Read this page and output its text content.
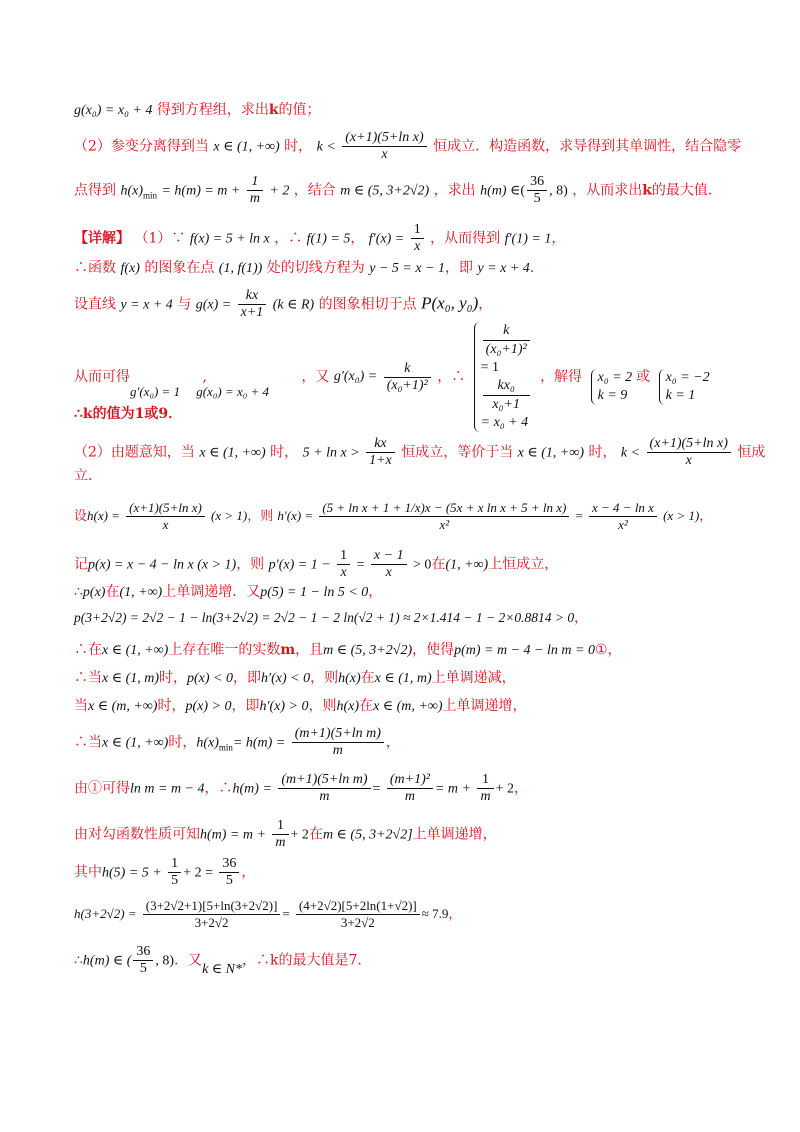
g(x₀) = x₀ + 4 得到方程组，求出k的值；
（2）参变分离得到当 x ∈ (1, +∞) 时， $k < \frac{\text{(x+1)(5+ln x)}}{x}$ 恒成立．构造函数，求导得到其单调性，结合隐零
点得到 $h(x)_{min} = h(m) = m + \frac{1}{m} + 2$ ，结合 m ∈ (5, 3+2√2) ，求出 h(m) ∈( $\frac{36}{5}$ , 8) ，从而求出k的最大值．
【详解】 （1）∵ f(x) = 5 + ln x ，∴ f(1) = 5， $f'(x) = \frac{1}{x}$ ，从而得到 f′(1) = 1，
∴函数 f(x) 的图象在点 (1, f(1)) 处的切线方程为 y − 5 = x − 1，即 y = x + 4．
设直线 y = x + 4 与 $g(x) = \frac{kx}{x+1} (k$ ∈ R) 的图象相切于点 P(x₀, y₀)，
从而可得	,	，又 $g'(x_0) = \frac{k}{\text{(x₀+1)²}}$ ，∴
k
(x₀+1)²
= 1
kx₀
x₀+1
= x₀ + 4
，解得 x₀ = 2
k = 9
或 x₀ = −2
k = 1
g′(x₀) = 1 g(x₀) = x₀ + 4
∴k的值为1或9．
（2）由题意知，当 x ∈ (1, +∞) 时， $5 + \ln x > \frac{kx}{1+x}$ 恒成立，等价于当 x ∈ (1, +∞) 时， $k < \frac{\text{(x+1)(5+ln x)}}{x}$ 恒成
立．
设$h(x) = \frac{\text{(x+1)(5+ln x)}}{x} (x > 1)$，则 $h'(x) = \frac{\text{(5 + ln x + 1 + 1/x)x − (5x + x ln x + 5 + ln x)}}{\text{x²}} = \frac{\text{x − 4 − ln x}}{\text{x²}} (x > 1)$，
记p(x) = x − 4 − ln x (x > 1)，则 $p'(x) = 1 - \frac{1}{x} = \frac{x - 1}{x} > 0$在(1, +∞)上恒成立，
∴p(x)在(1, +∞)上单调递增．又p(5) = 1 − ln 5 < 0，
p(3+2√2) = 2√2 − 1 − ln(3+2√2) = 2√2 − 1 − 2 ln(√2 + 1) ≈ 2×1.414 − 1 − 2×0.8814 > 0，
∴在x ∈ (1, +∞)上存在唯一的实数m，且m ∈ (5, 3+2√2)，使得p(m) = m − 4 − ln m = 0①，
∴当x ∈ (1, m)时，p(x) < 0，即h′(x) < 0，则h(x)在x ∈ (1, m)上单调递减，
当x ∈ (m, +∞)时，p(x) > 0，即h′(x) > 0，则h(x)在x ∈ (m, +∞)上单调递增，
∴当x ∈ (1, +∞)时，$h(x)_{min}= h(m) = \frac{\text{(m+1)(5+ln m)}}{m}$ ，
由①可得ln m = m − 4，∴h(m) = $\frac{\text{(m+1)(5+ln m)}}{m} = \frac{\text{(m+1)²}}{m} = m + \frac{1}{m} + 2$，
由对勾函数性质可知$h(m) = m + \frac{1}{m} + 2$在m ∈ (5, 3+2√2]上单调递增，
其中$h(5) = 5 + \frac{1}{5} + 2 = \frac{36}{5}$ ，
$h(3+2√2) = \frac{(3+2√2+1)[5+\ln(3+2√2)]}{3+2√2} = \frac{(4+2√2)[5+2\ln(1+√2)]}{3+2√2} \approx 7.9$，
∴h(m) ∈ ( $\frac{36}{5}$ , 8)．又k ∈ N*，∴k的最大值是7．
